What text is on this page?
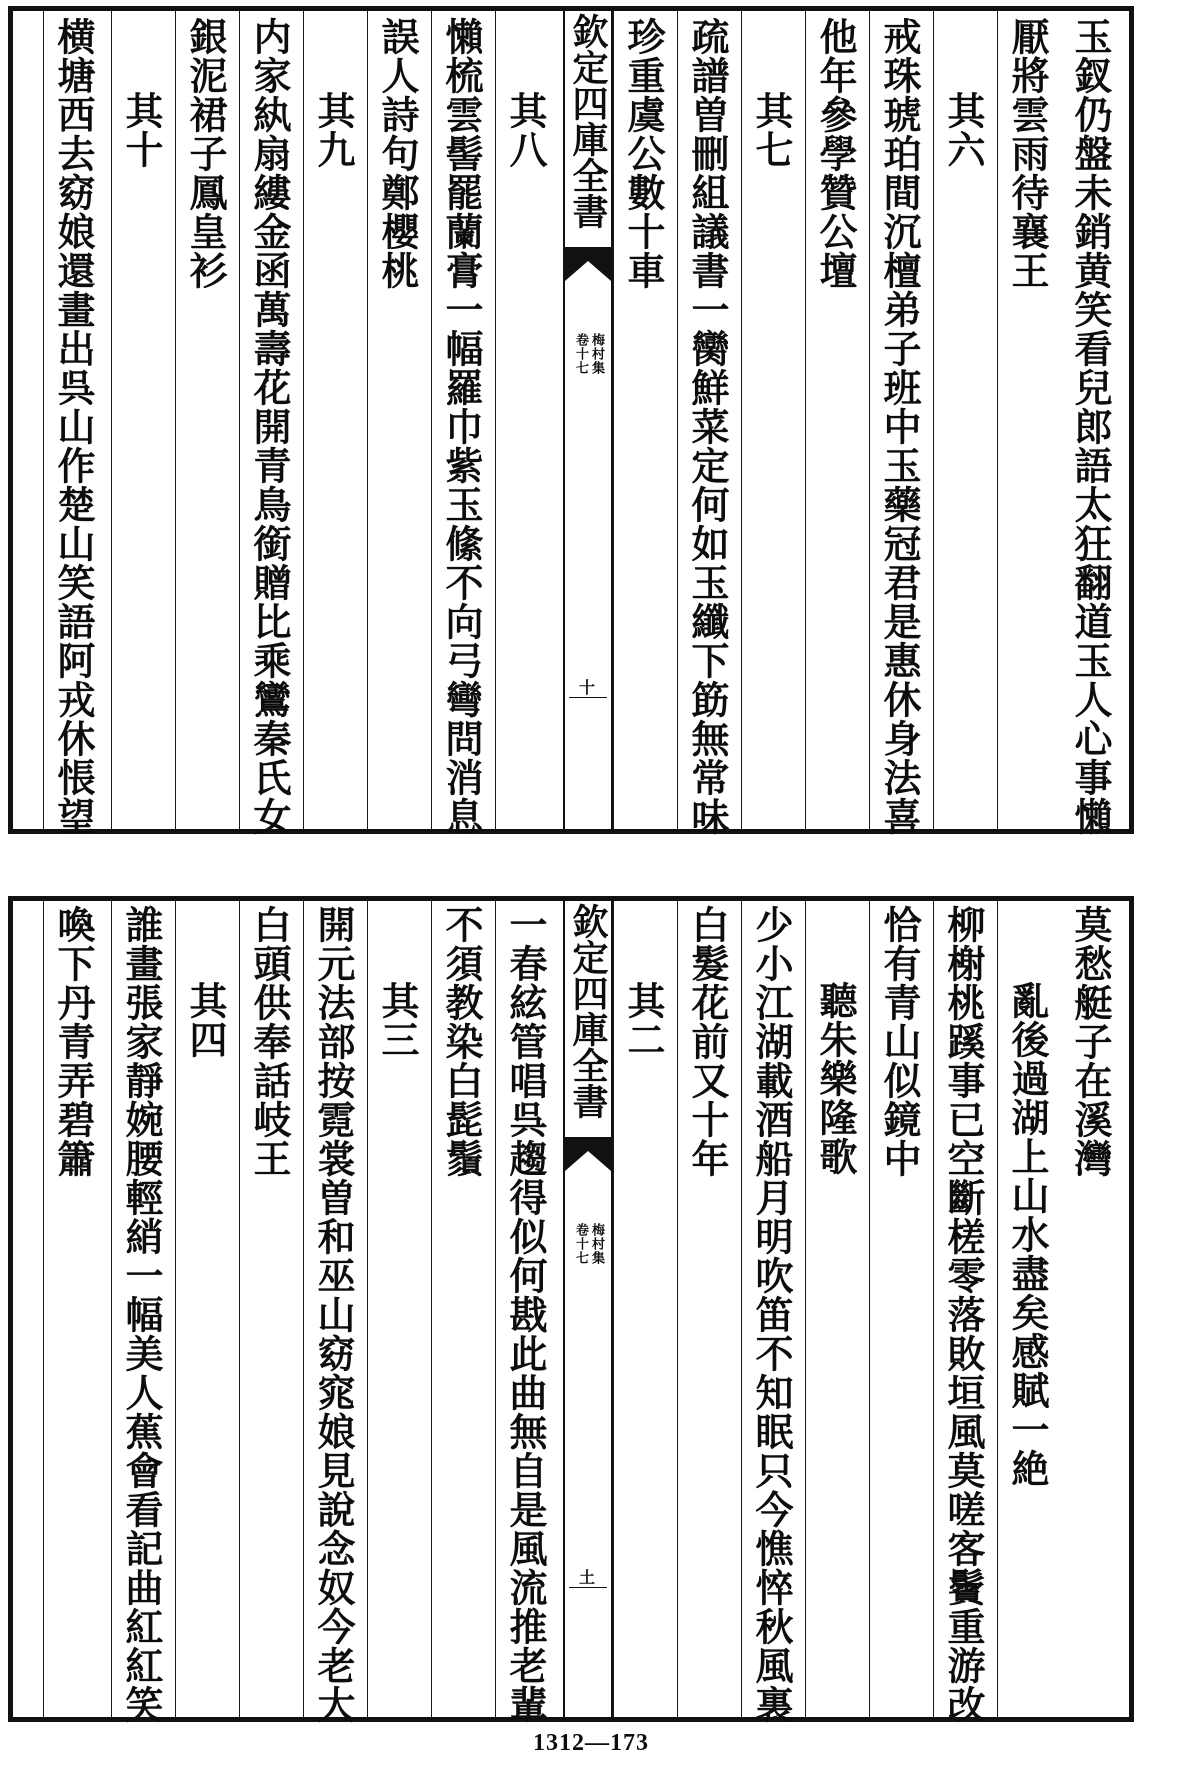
玉釵仍盤未銷黄笑看兒郎語太狂翻道玉人心事懶
厭將雲雨待襄王
其六
戒珠琥珀間沉檀弟子班中玉藥冠君是惠休身法喜
他年參學贊公壇
其七
疏譜曽刪組議書一臠鮮菜定何如玉纖下筯無常味
珍重虞公數十車
欽定四庫全書
梅村集
卷十七
十
其八
懶梳雲髻罷蘭膏一幅羅巾紫玉絛不向弓彎問消息
誤人詩句鄭櫻桃
其九
内家紈扇縷金函萬壽花開青鳥銜贈比乘鸞秦氏女
銀泥裙子鳳皇衫
其十
横塘西去窈娘還畫出呉山作楚山笑語阿戎休悵望
莫愁艇子在溪灣
亂後過湖上山水盡矣感賦一絶
柳榭桃蹊事已空斷槎零落敗垣風莫嗟客鬢重游改
恰有青山似鏡中
聽朱樂隆歌
少小江湖載酒船月明吹笛不知眠只今憔悴秋風裏
白髮花前又十年
其二
欽定四庫全書
梅村集
卷十七
土
一春絃管唱呉趨得似何戡此曲無自是風流推老輩
不須教染白髭鬚
其三
開元法部按霓裳曽和巫山窈窕娘見說念奴今老大
白頭供奉話岐王
其四
誰畫張家靜婉腰輕綃一幅美人蕉會看記曲紅紅笑
喚下丹青弄碧簫
1312—173
